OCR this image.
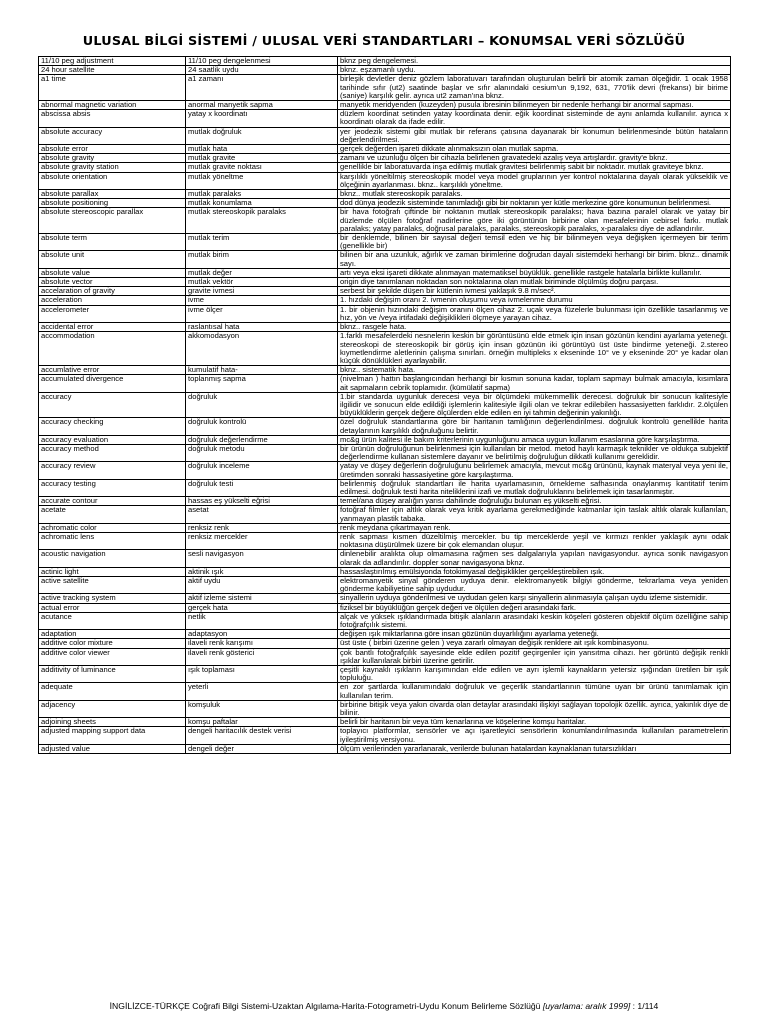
ULUSAL BİLGİ SİSTEMİ / ULUSAL VERİ STANDARTLARI – KONUMSAL VERİ SÖZLÜĞÜ
11/10 peg adjustment	11/10 peg dengelenmesi	bknz peg dengelemesi.
24 hour satellite	24 saatlik uydu	bknz. eşzamanlı uydu.
a1 time	a1 zamanı	birleşik devletler deniz gözlem laboratuvarı tarafından oluşturulan belirli bir atomik zaman ölçeğidir. 1 ocak 1958 tarihinde sıfır (ut2) saatinde başlar ve sıfır alanındaki cesium'un 9,192, 631, 770'lik devri (frekansı) bir birime (saniye) karşılık gelir. ayrıca ut2 zaman'ına bknz.
abnormal magnetic variation	anormal manyetik sapma	manyetik meridyenden (kuzeyden) pusula ibresinin bilinmeyen bir nedenle herhangi bir anormal sapması.
abscissa absis	yatay x koordinatı	düzlem koordinat setinden yatay koordinata denir. eğik koordinat sisteminde de aynı anlamda kullanılır. ayrıca x koordinatı olarak da ifade edilir.
absolute accuracy	mutlak doğruluk	yer jeodezik sistemi gibi mutlak bir referans çatısına dayanarak bir konumun belirlenmesinde bütün hataların değerlendirilmesi.
absolute error	mutlak hata	gerçek değerden işareti dikkate alınmaksızın olan mutlak sapma.
absolute gravity	mutlak gravite	zamanı ve uzunluğu ölçen bir cihazla belirlenen gravatedeki azalış veya artışlardır. gravity'e bknz.
absolute gravity station	mutlak gravite noktası	genellikle bir laboratuvarda inşa edilmiş mutlak gravitesi belirlenmiş sabit bir noktadır. mutlak graviteye bknz.
absolute orientation	mutlak yöneltme	karşılıklı yöneltilmiş stereoskopik model veya model gruplarının yer kontrol noktalarına dayalı olarak yükseklik ve ölçeğinin ayarlanması. bknz.. karşılıklı yöneltme.
absolute parallax	mutlak paralaks	bknz.. mutlak stereoskopik paralaks.
absolute positioning	mutlak konumlama	dod dünya jeodezik sisteminde tanımladığı gibi bir noktanın yer kütle merkezine göre konumunun belirlenmesi.
absolute stereoscopic parallax	mutlak stereoskopik paralaks	bir hava fotoğrafı çiftinde bir noktanın mutlak stereoskopik paralaksı; hava bazına paralel olarak ve yatay bir düzlemde ölçülen fotoğraf nadirlerine göre iki görüntünün birbirine olan mesafelerinin cebirsel farkı. mutlak paralaks; yatay paralaks, doğrusal paralaks, paralaks, stereoskopik paralaks, x-paralaksı diye de adlandırılır.
absolute term	mutlak terim	bir denklemde, bilinen bir sayısal değeri temsil eden ve hiç bir bilinmeyen veya değişken içermeyen bir terim (genellikle bir)
absolute unit	mutlak birim	bilinen bir ana uzunluk, ağırlık ve zaman birimlerine doğrudan dayalı sistemdeki herhangi bir birim. bknz.. dinamik sayı.
absolute value	mutlak değer	artı veya eksi işareti dikkate alınmayan matematiksel büyüklük. genellikle rastgele hatalarla birlikte kullanılır.
absolute vector	mutlak vektör	origin diye tanımlanan noktadan son noktalarına olan mutlak biriminde ölçülmüş doğru parçası.
accelaration of gravity	gravite ivmesi	serbest bir şekilde düşen bir kütlenin ivmesi yaklaşık 9.8 m/sec².
acceleration	ivme	1. hızdaki değişim oranı 2. ivmenin oluşumu veya ivmelenme durumu
accelerometer	ivme ölçer	1. bir objenin hızındaki değişim oranını ölçen cihaz 2. uçak veya füzelerle bulunması için özellikle tasarlanmış ve hız, yön ve /veya irtifadaki değişiklikleri ölçmeye yarayan cihaz.
accidental error	raslantısal hata	bknz.. rasgele hata.
accommodation	akkomodasyon	1.farklı mesafelerdeki nesnelerin keskin bir görüntüsünü elde etmek için insan gözünün kendini ayarlama yeteneği. stereoskopi de stereoskopik bir görüş için insan gözünün iki görüntüyü üst üste bindirme yeteneği. 2.stereo kıymetlendirme aletlerinin çalışma sınırları. örneğin multipleks x ekseninde 10° ve y ekseninde 20° ye kadar olan küçük dönüklükleri ayarlayabilir.
accumlative error	kumulatif hata-	bknz.. sistematik hata.
accumulated divergence	toplanmış sapma	(nivelman ) hattın başlangıcından herhangi bir kısmın sonuna kadar, toplam sapmayı bulmak amacıyla, kısımlara ait sapmaların cebrik toplamıdır. (kümülatif sapma)
accuracy	doğruluk	1.bir standarda uygunluk derecesi veya bir ölçümdeki mükemmellik derecesi. doğruluk bir sonucun kalitesiyle ilgilidir ve sonucun elde edildiği işlemlerin kalitesiyle ilgili olan ve tekrar edilebilen hassasiyetten farklıdır. 2.ölçülen büyüklüklerin gerçek değere ölçülerden elde edilen en iyi tahmin değerinin yakınlığı.
accuracy checking	doğruluk kontrolü	özel doğruluk standartlarına göre bir haritanın tamlığının değerlendirilmesi. doğruluk kontrolü genellikle harita detaylarının karşılıklı doğruluğunu belirtir.
accuracy evaluation	doğruluk değerlendirme	mc&g ürün kalitesi ile bakım kriterlerinin uygunluğunu amaca uygun kullanım esaslarına göre karşılaştırma.
accuracy method	doğruluk metodu	bir ürünün doğruluğunun belirlenmesi için kullanılan bir metod. metod haylı karmaşık teknikler ve oldukça subjektif değerlendirme kullanan sistemlere dayanır ve belirtilmiş doğruluğun dikkatli kullanımı gereklidir.
accuracy review	doğruluk inceleme	yatay ve düşey değerlerin doğruluğunu belirlemek amacıyla, mevcut mc&g ürününü, kaynak materyal veya yeni ile, üretimden sonraki hassasiyetine göre karşılaştırma.
accuracy testing	doğruluk testi	belirlenmiş doğruluk standartları ile harita uyarlamasının, örnekleme safhasında onaylanmış kantitatif tenim edilmesi. doğruluk testi harita niteliklerini izafi ve mutlak doğruluklarını belirlemek için tasarlanmıştır.
accurate contour	hassas eş yükselti eğrisi	temel/ana düşey aralığın yarısı dahilinde doğruluğu bulunan eş yükselti eğrisi.
acetate	asetat	fotoğraf filmler için altlık olarak veya kritik ayarlama gerekmediğinde katmanlar için taslak altlık olarak kullanılan, yanmayan plastik tabaka.
achromatic color	renksiz renk	renk meydana çıkartmayan renk.
achromatic lens	renksiz mercekler	renk sapması kısmen düzeltilmiş mercekler. bu tip merceklerde yeşil ve kırmızı renkler yaklaşık aynı odak noktasına düşürülmek üzere bir çok elemandan oluşur.
acoustic navigation	sesli navigasyon	dinlenebilir aralıkta olup olmamasına rağmen ses dalgalarıyla yapılan navigasyondur. ayrıca sonik navigasyon olarak da adlandırılır. doppler sonar navigasyona bknz.
actinic light	aktinik ışık	hassaslaştırılmış emülsiyonda fotokimyasal değişiklikler gerçekleştirebilen ışık.
active satellite	aktif uydu	elektromanyetik sinyal gönderen uyduya denir. elektromanyetik bilgiyi gönderme, tekrarlama veya yeniden gönderme kabiliyetine sahip uydudur.
active tracking system	aktif izleme sistemi	sinyallerin uyduya gönderilmesi ve uydudan gelen karşı sinyallerin alınmasıyla çalışan uydu izleme sistemidir.
actual error	gerçek hata	fiziksel bir büyüklüğün gerçek değeri ve ölçülen değeri arasındaki fark.
acutance	netlik	alçak ve yüksek ışıklandırmada bitişik alanların arasındaki keskin köşeleri gösteren objektif ölçüm özelliğine sahip fotoğrafçılık sistemi.
adaptation	adaptasyon	değişen ışık miktarlarına göre insan gözünün duyarlılığını ayarlama yeteneği.
additive color mixture	ilaveli renk karışımı	üst üste ( birbiri üzerine gelen ) veya zararlı olmayan değişik renklere ait ışık kombinasyonu.
additive color viewer	ilaveli renk gösterici	çok bantlı fotoğrafçılık sayesinde elde edilen pozitif geçirgenler için yansıtma cihazı. her görüntü değişik renkli ışıklar kullanılarak birbiri üzerine getirilir.
additivity of luminance	ışık toplaması	çeşitli kaynaklı ışıkların karışımından elde edilen ve ayrı işlemli kaynakların yetersiz ışığından üretilen bir ışık topluluğu.
adequate	yeterli	en zor şartlarda kullanımındaki doğruluk ve geçerlik standartlarının tümüne uyan bir ürünü tanımlamak için kullanılan terim.
adjacency	komşuluk	birbirine bitişik veya yakın civarda olan detaylar arasındaki ilişkiyi sağlayan topolojik özellik. ayrıca, yakınlık diye de bilinir.
adjoining sheets	komşu paftalar	belirli bir haritanın bir veya tüm kenarlarına ve köşelerine komşu haritalar.
adjusted mapping support data	dengeli haritacılık destek verisi	toplayıcı platformlar, sensörler ve açı işaretleyici sensörlerin konumlandırılmasında kullanılan parametrelerin iyileştirilmiş versiyonu.
adjusted value	dengeli değer	ölçüm verilerinden yararlanarak, verilerde bulunan hatalardan kaynaklanan tutarsızlıkları
İNGİLİZCE-TÜRKÇE Coğrafi Bilgi Sistemi-Uzaktan Algılama-Harita-Fotogrametri-Uydu Konum Belirleme Sözlüğü [uyarlama: aralık 1999] : 1/114
